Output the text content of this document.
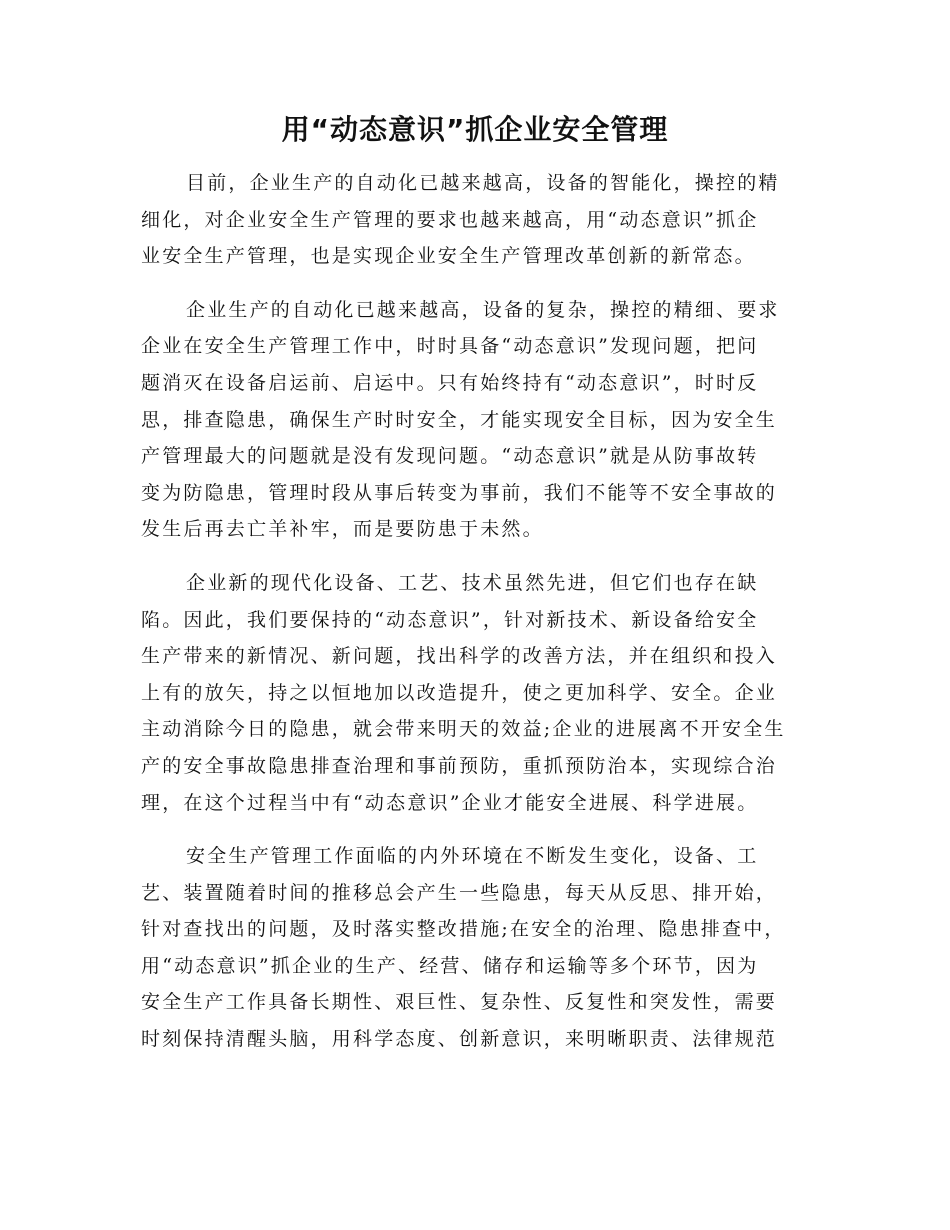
用“动态意识”抓企业安全管理

目前，企业生产的自动化已越来越高，设备的智能化，操控的精
细化，对企业安全生产管理的要求也越来越高，用“动态意识”抓企
业安全生产管理，也是实现企业安全生产管理改革创新的新常态。

企业生产的自动化已越来越高，设备的复杂，操控的精细、要求
企业在安全生产管理工作中，时时具备“动态意识”发现问题，把问
题消灭在设备启运前、启运中。只有始终持有“动态意识”，时时反
思，排查隐患，确保生产时时安全，才能实现安全目标，因为安全生
产管理最大的问题就是没有发现问题。“动态意识”就是从防事故转
变为防隐患，管理时段从事后转变为事前，我们不能等不安全事故的
发生后再去亡羊补牢，而是要防患于未然。

企业新的现代化设备、工艺、技术虽然先进，但它们也存在缺
陷。因此，我们要保持的“动态意识”，针对新技术、新设备给安全
生产带来的新情况、新问题，找出科学的改善方法，并在组织和投入
上有的放矢，持之以恒地加以改造提升，使之更加科学、安全。企业
主动消除今日的隐患，就会带来明天的效益;企业的进展离不开安全生
产的安全事故隐患排查治理和事前预防，重抓预防治本，实现综合治
理，在这个过程当中有“动态意识”企业才能安全进展、科学进展。

安全生产管理工作面临的内外环境在不断发生变化，设备、工
艺、装置随着时间的推移总会产生一些隐患，每天从反思、排开始，
针对查找出的问题，及时落实整改措施;在安全的治理、隐患排查中，
用“动态意识”抓企业的生产、经营、储存和运输等多个环节，因为
安全生产工作具备长期性、艰巨性、复杂性、反复性和突发性，需要
时刻保持清醒头脑，用科学态度、创新意识，来明晰职责、法律规范
